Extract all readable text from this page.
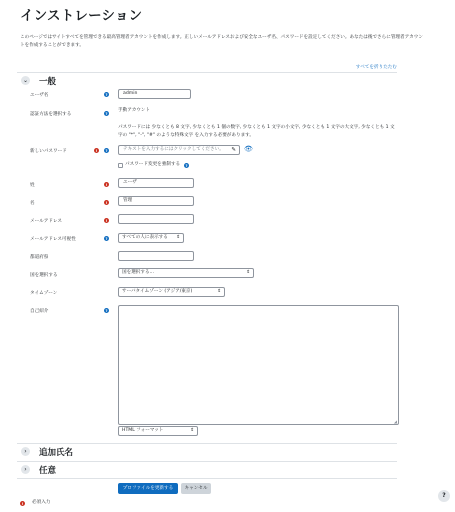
インストレーション
このページではサイトすべてを管理できる最高管理者アカウントを作成します。正しいメールアドレスおよび安全なユーザ名、パスワードを設定してください。あなたは後でさらに管理者アカウントを作成することができます。
すべてを折りたたむ
⌄ 一般
ユーザ名	?	admin
認証方法を選択する	?
手動アカウント
パスワードには 少なくとも 8 文字, 少なくとも 1 個の数字, 少なくとも 1 文字の小文字, 少なくとも 1 文字の大文字, 少なくとも 1 文字の "*", "-", "#" のような特殊文字 を入力する必要があります。
新しいパスワード	!	?	テキストを入力するにはクリックしてください。 ✎ 👁
パスワード変更を強制する	?
姓	!	ユーザ
名	!	管理
メールアドレス	!
メールアドレス可視性	?	すべての人に表示する ⇕
都道府県
国を選択する
国を選択する...	⇕
タイムゾーン	サーバタイムゾーン (アジア/東京)	⇕
自己紹介	?
◢
HTML フォーマット	⇕
›	追加氏名
›	任意
プロファイルを更新する	キャンセル
!	必須入力
?
